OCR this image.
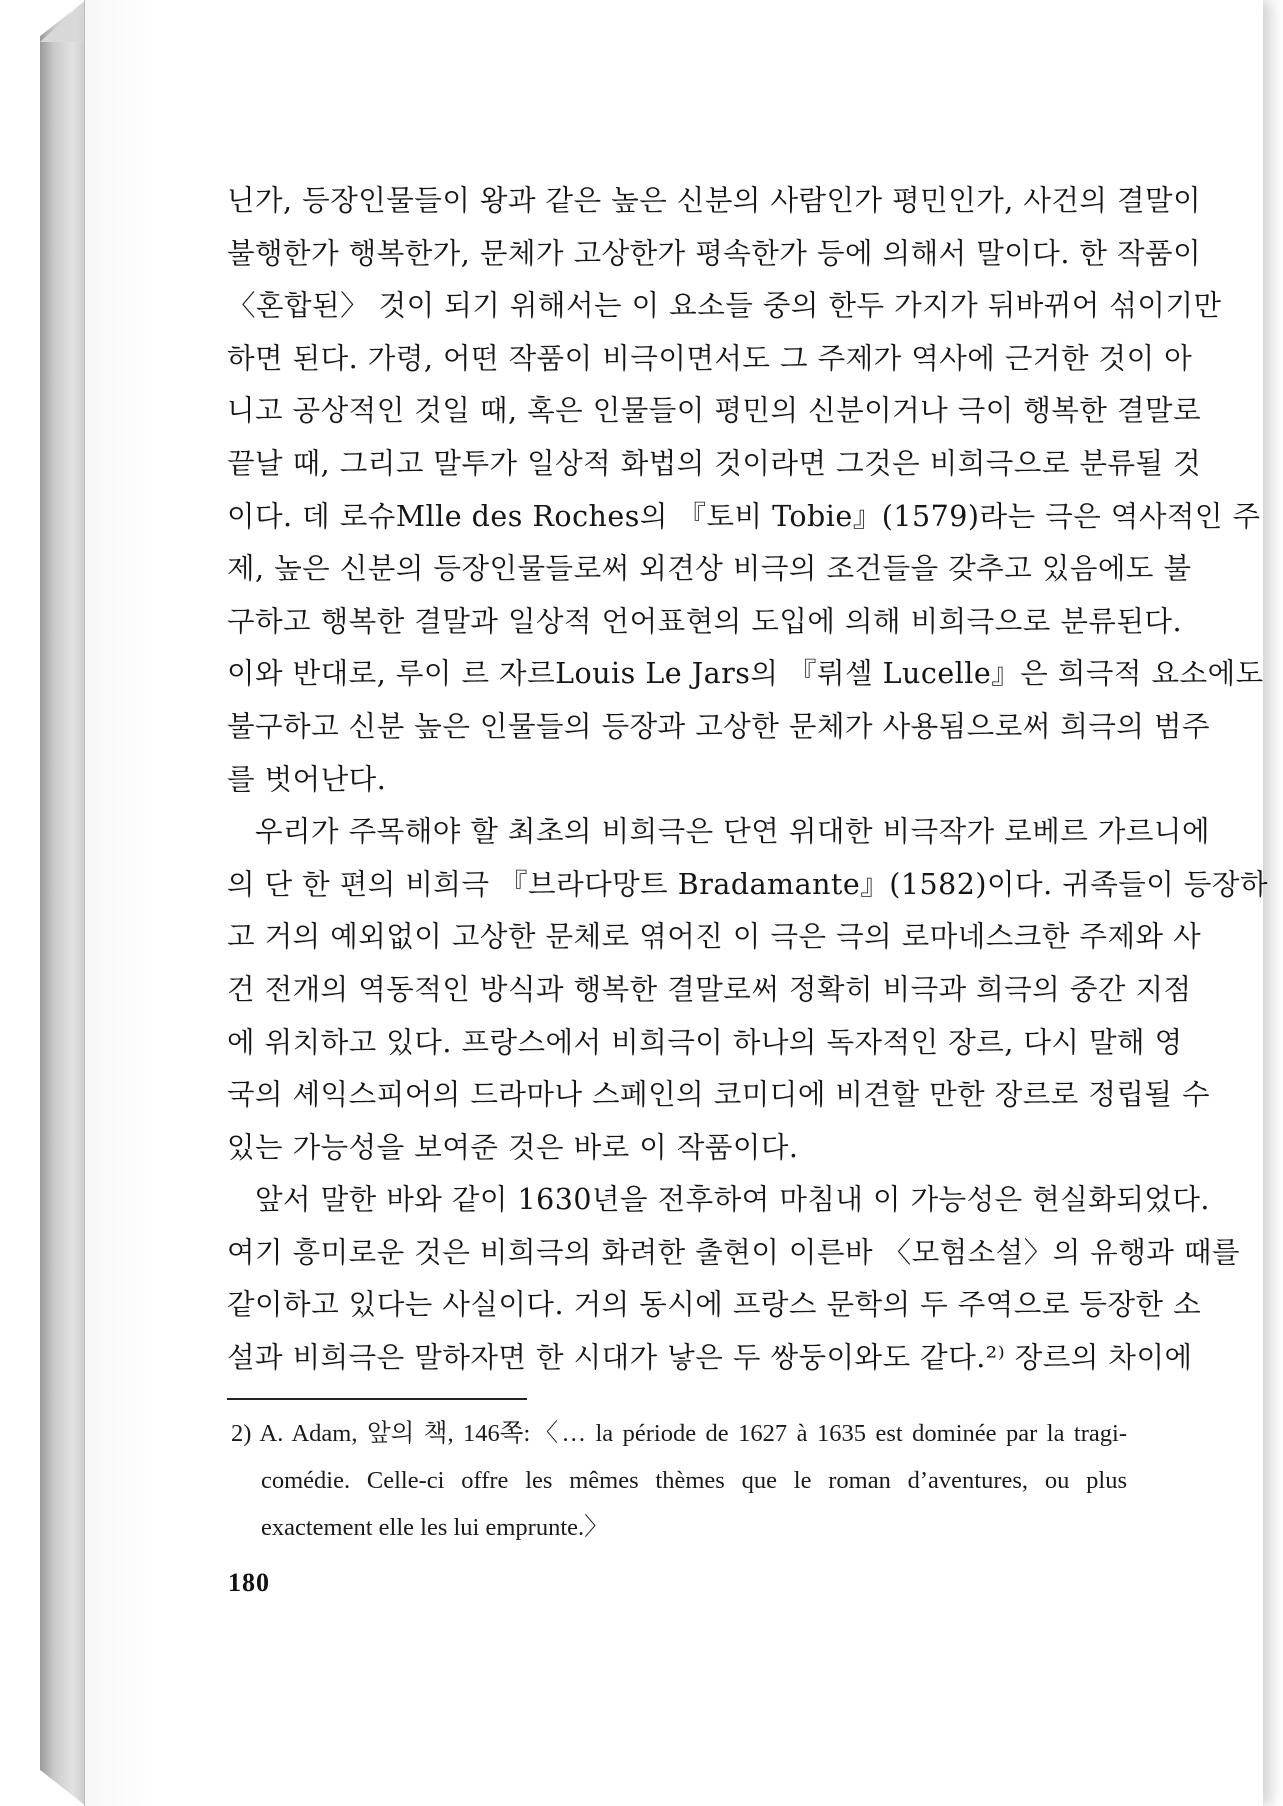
닌가, 등장인물들이 왕과 같은 높은 신분의 사람인가 평민인가, 사건의 결말이
불행한가 행복한가, 문체가 고상한가 평속한가 등에 의해서 말이다. 한 작품이
〈혼합된〉 것이 되기 위해서는 이 요소들 중의 한두 가지가 뒤바뀌어 섞이기만
하면 된다. 가령, 어떤 작품이 비극이면서도 그 주제가 역사에 근거한 것이 아
니고 공상적인 것일 때, 혹은 인물들이 평민의 신분이거나 극이 행복한 결말로
끝날 때, 그리고 말투가 일상적 화법의 것이라면 그것은 비희극으로 분류될 것
이다. 데 로슈Mlle des Roches의 『토비 Tobie』(1579)라는 극은 역사적인 주
제, 높은 신분의 등장인물들로써 외견상 비극의 조건들을 갖추고 있음에도 불
구하고 행복한 결말과 일상적 언어표현의 도입에 의해 비희극으로 분류된다.
이와 반대로, 루이 르 자르Louis Le Jars의 『뤼셀 Lucelle』은 희극적 요소에도
불구하고 신분 높은 인물들의 등장과 고상한 문체가 사용됨으로써 희극의 범주
를 벗어난다.
우리가 주목해야 할 최초의 비희극은 단연 위대한 비극작가 로베르 가르니에
의 단 한 편의 비희극 『브라다망트 Bradamante』(1582)이다. 귀족들이 등장하
고 거의 예외없이 고상한 문체로 엮어진 이 극은 극의 로마네스크한 주제와 사
건 전개의 역동적인 방식과 행복한 결말로써 정확히 비극과 희극의 중간 지점
에 위치하고 있다. 프랑스에서 비희극이 하나의 독자적인 장르, 다시 말해 영
국의 셰익스피어의 드라마나 스페인의 코미디에 비견할 만한 장르로 정립될 수
있는 가능성을 보여준 것은 바로 이 작품이다.
앞서 말한 바와 같이 1630년을 전후하여 마침내 이 가능성은 현실화되었다.
여기 흥미로운 것은 비희극의 화려한 출현이 이른바 〈모험소설〉의 유행과 때를
같이하고 있다는 사실이다. 거의 동시에 프랑스 문학의 두 주역으로 등장한 소
설과 비희극은 말하자면 한 시대가 낳은 두 쌍둥이와도 같다.²⁾ 장르의 차이에
2) A. Adam, 앞의 책, 146쪽:〈… la période de 1627 à 1635 est dominée par la tragi-
comédie. Celle-ci offre les mêmes thèmes que le roman d’aventures, ou plus
exactement elle les lui emprunte.〉
180
